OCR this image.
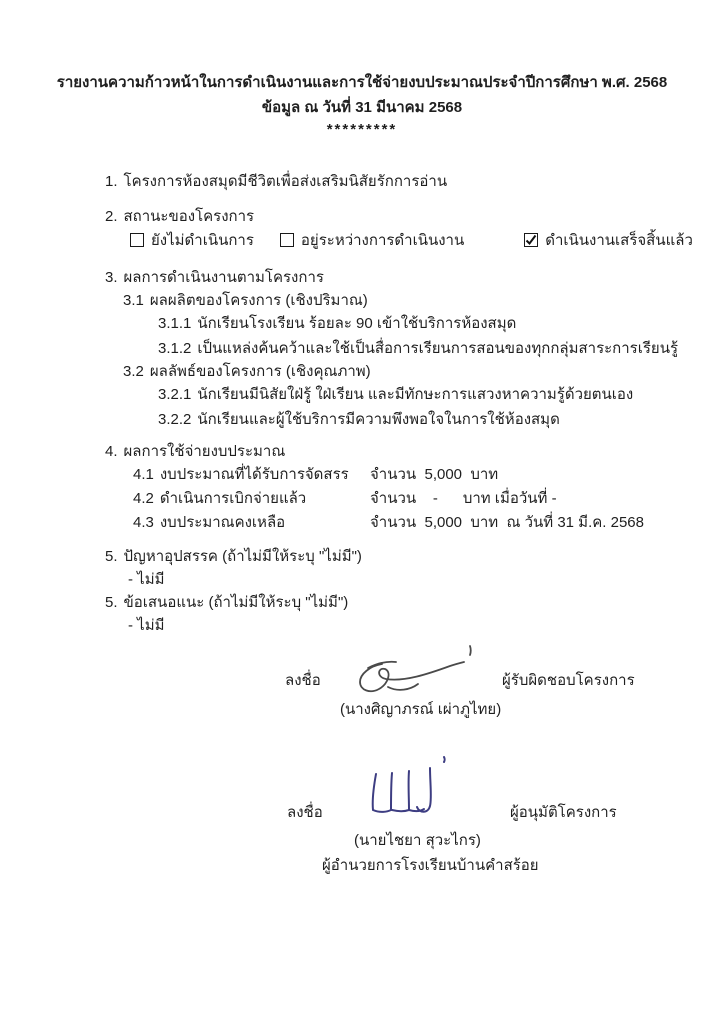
รายงานความก้าวหน้าในการดำเนินงานและการใช้จ่ายงบประมาณประจำปีการศึกษา พ.ศ. 2568
ข้อมูล ณ วันที่ 31 มีนาคม 2568
*********
1. โครงการห้องสมุดมีชีวิตเพื่อส่งเสริมนิสัยรักการอ่าน
2. สถานะของโครงการ
ยังไม่ดำเนินการ	อยู่ระหว่างการดำเนินงาน	ดำเนินงานเสร็จสิ้นแล้ว
3. ผลการดำเนินงานตามโครงการ
3.1 ผลผลิตของโครงการ (เชิงปริมาณ)
3.1.1 นักเรียนโรงเรียน ร้อยละ 90 เข้าใช้บริการห้องสมุด
3.1.2 เป็นแหล่งค้นคว้าและใช้เป็นสื่อการเรียนการสอนของทุกกลุ่มสาระการเรียนรู้
3.2 ผลลัพธ์ของโครงการ (เชิงคุณภาพ)
3.2.1 นักเรียนมีนิสัยใฝ่รู้ ใฝ่เรียน และมีทักษะการแสวงหาความรู้ด้วยตนเอง
3.2.2 นักเรียนและผู้ใช้บริการมีความพึงพอใจในการใช้ห้องสมุด
4. ผลการใช้จ่ายงบประมาณ
4.1 งบประมาณที่ได้รับการจัดสรร	จำนวน  5,000  บาท
4.2 ดำเนินการเบิกจ่ายแล้ว	จำนวน    -      บาท เมื่อวันที่ -
4.3 งบประมาณคงเหลือ	จำนวน  5,000  บาท  ณ วันที่ 31 มี.ค. 2568
5. ปัญหาอุปสรรค (ถ้าไม่มีให้ระบุ "ไม่มี")
- ไม่มี
5. ข้อเสนอแนะ (ถ้าไม่มีให้ระบุ "ไม่มี")
- ไม่มี
ลงชื่อ	ผู้รับผิดชอบโครงการ
(นางศิญาภรณ์ เผ่าภูไทย)
ลงชื่อ	ผู้อนุมัติโครงการ
(นายไชยา สุวะไกร)
ผู้อำนวยการโรงเรียนบ้านคำสร้อย
